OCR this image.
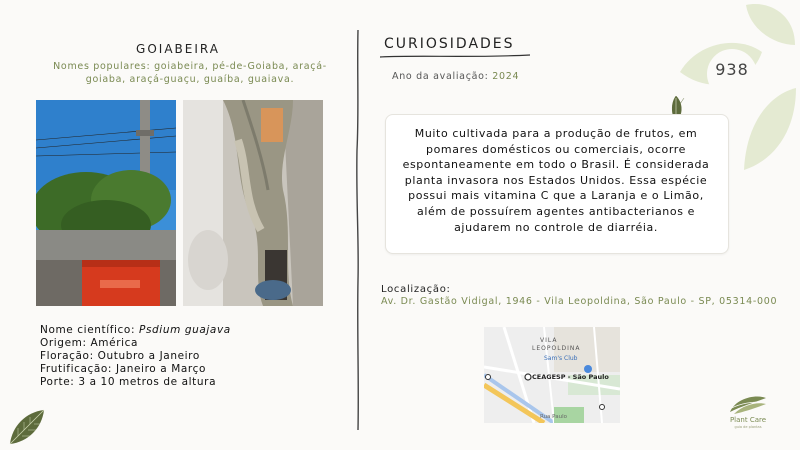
938
GOIABEIRA
Nomes populares: goiabeira, pé-de-Goiaba, araçá-goiaba, araçá-guaçu, guaíba, guaiava.
Nome científico: Psdium guajava
Origem: América
Floração: Outubro a Janeiro
Frutificação: Janeiro a Março
Porte: 3 a 10 metros de altura
CURIOSIDADES
Ano da avaliação: 2024
Muito cultivada para a produção de frutos, em pomares domésticos ou comerciais, ocorre espontaneamente em todo o Brasil. É considerada planta invasora nos Estados Unidos. Essa espécie possui mais vitamina C que a Laranja e o Limão, além de possuírem agentes antibacterianos e ajudarem no controle de diarréia.
Localização:
Av. Dr. Gastão Vidigal, 1946 - Vila Leopoldina, São Paulo - SP, 05314-000
VILA
LEOPOLDINA
Sam's Club
CEAGESP - São Paulo
Rua Paulo	Plant Care
guia de plantas
